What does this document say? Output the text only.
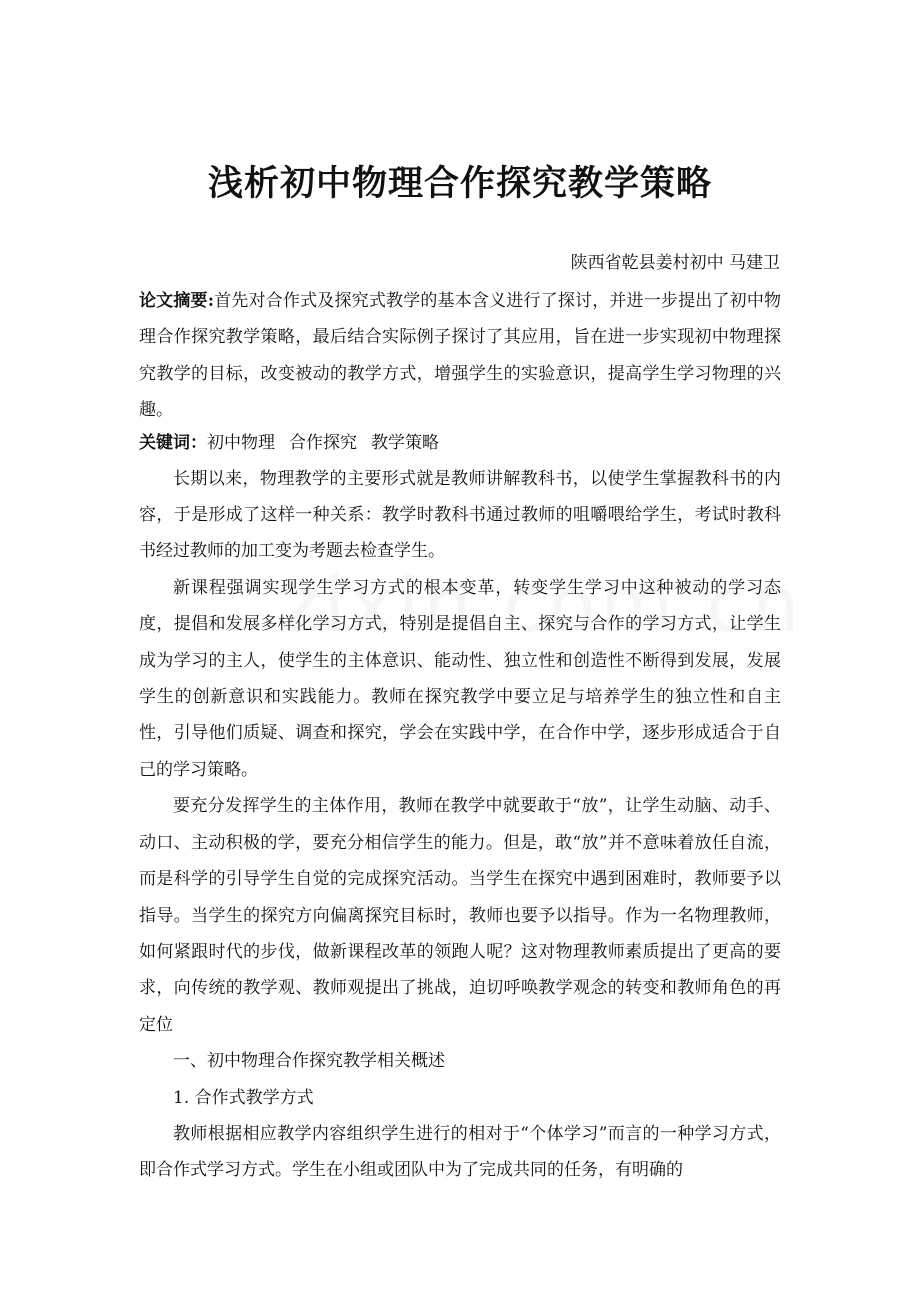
浅析初中物理合作探究教学策略
陕西省乾县姜村初中 马建卫

论文摘要:首先对合作式及探究式教学的基本含义进行了探讨，并进一步提出了初中物理合作探究教学策略，最后结合实际例子探讨了其应用，旨在进一步实现初中物理探究教学的目标，改变被动的教学方式，增强学生的实验意识，提高学生学习物理的兴趣。

关键词：初中物理 合作探究 教学策略

长期以来，物理教学的主要形式就是教师讲解教科书，以使学生掌握教科书的内容，于是形成了这样一种关系：教学时教科书通过教师的咀嚼喂给学生，考试时教科书经过教师的加工变为考题去检查学生。

新课程强调实现学生学习方式的根本变革，转变学生学习中这种被动的学习态度，提倡和发展多样化学习方式，特别是提倡自主、探究与合作的学习方式，让学生成为学习的主人，使学生的主体意识、能动性、独立性和创造性不断得到发展，发展学生的创新意识和实践能力。教师在探究教学中要立足与培养学生的独立性和自主性，引导他们质疑、调查和探究，学会在实践中学，在合作中学，逐步形成适合于自己的学习策略。

要充分发挥学生的主体作用，教师在教学中就要敢于“放”，让学生动脑、动手、动口、主动积极的学，要充分相信学生的能力。但是，敢“放”并不意味着放任自流，而是科学的引导学生自觉的完成探究活动。当学生在探究中遇到困难时，教师要予以指导。当学生的探究方向偏离探究目标时，教师也要予以指导。作为一名物理教师，如何紧跟时代的步伐，做新课程改革的领跑人呢？这对物理教师素质提出了更高的要求，向传统的教学观、教师观提出了挑战，迫切呼唤教学观念的转变和教师角色的再定位

一、初中物理合作探究教学相关概述

1. 合作式教学方式

教师根据相应教学内容组织学生进行的相对于“个体学习”而言的一种学习方式，即合作式学习方式。学生在小组或团队中为了完成共同的任务，有明确的
